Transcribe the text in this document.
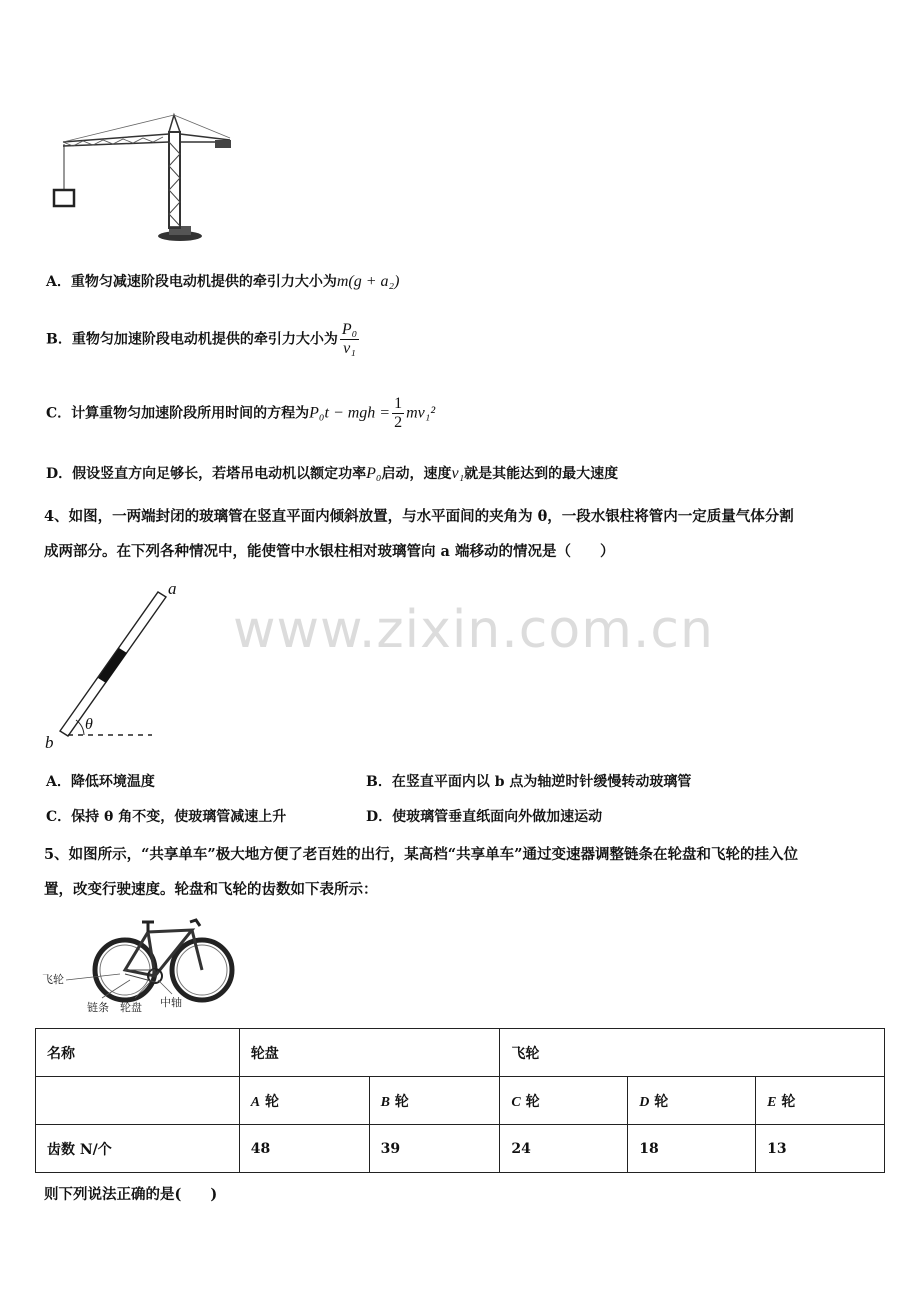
A．重物匀减速阶段电动机提供的牵引力大小为m(g + a₂)
B．重物匀加速阶段电动机提供的牵引力大小为 $\frac{\text{P₀}}{\text{v₁}}$
C．计算重物匀加速阶段所用时间的方程为P₀t − mgh = $\frac{1}{2} mv_1^2$
D．假设竖直方向足够长，若塔吊电动机以额定功率P₀启动，速度v₁就是其能达到的最大速度
4、如图，一两端封闭的玻璃管在竖直平面内倾斜放置，与水平面间的夹角为 θ，一段水银柱将管内一定质量气体分割
成两部分。在下列各种情况中，能使管中水银柱相对玻璃管向 a 端移动的情况是（　　）
a
b
θ
www.zixin.com.cn
A．降低环境温度	B．在竖直平面内以 b 点为轴逆时针缓慢转动玻璃管
C．保持 θ 角不变，使玻璃管减速上升	D．使玻璃管垂直纸面向外做加速运动
5、如图所示，“共享单车”极大地方便了老百姓的出行，某高档“共享单车”通过变速器调整链条在轮盘和飞轮的挂入位
置，改变行驶速度。轮盘和飞轮的齿数如下表所示：
飞轮
链条 轮盘 中轴
名称	轮盘		飞轮		
	A 轮	B 轮	C 轮	D 轮	E 轮
齿数 N/个	48	39	24	18	13
则下列说法正确的是(　　)
